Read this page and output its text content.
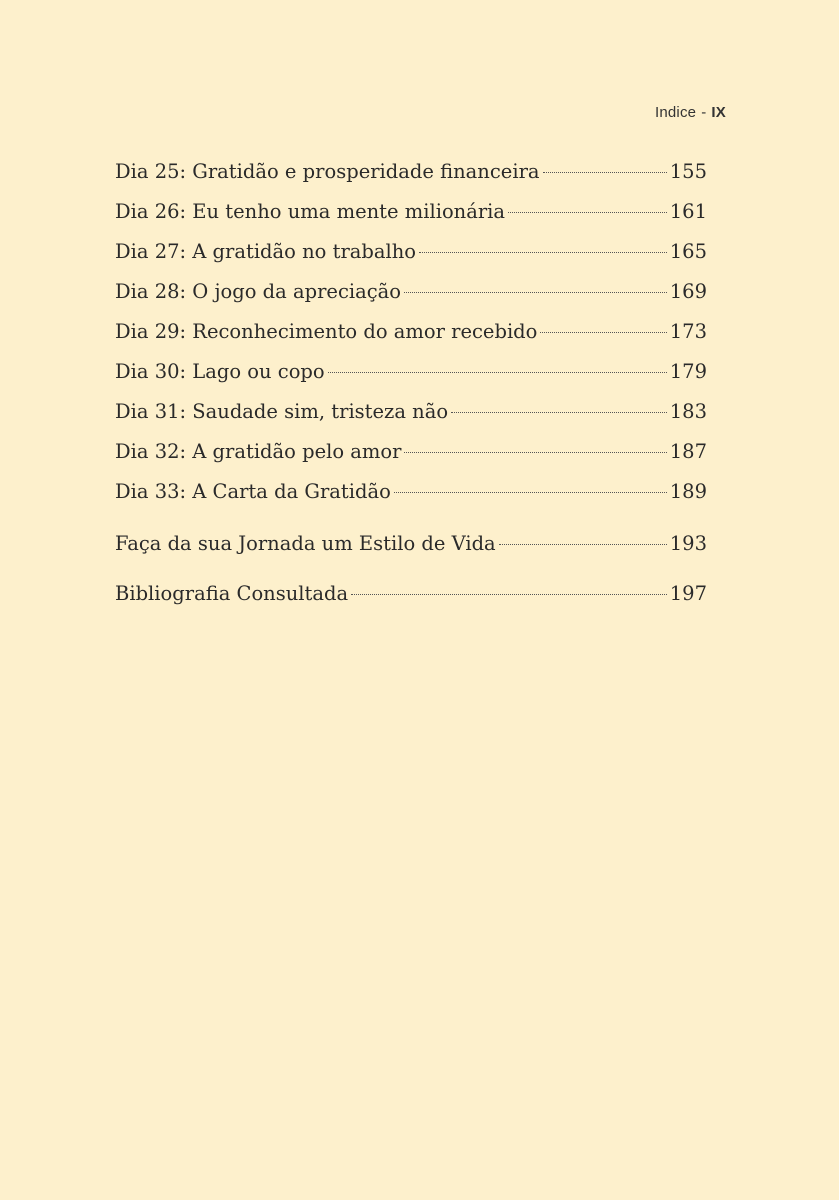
Indice - IX
Dia 25: Gratidão e prosperidade financeira	155
Dia 26: Eu tenho uma mente milionária	161
Dia 27: A gratidão no trabalho	165
Dia 28: O jogo da apreciação	169
Dia 29: Reconhecimento do amor recebido	173
Dia 30: Lago ou copo	179
Dia 31: Saudade sim, tristeza não	183
Dia 32: A gratidão pelo amor	187
Dia 33: A Carta da Gratidão	189
Faça da sua Jornada um Estilo de Vida	193
Bibliografia Consultada	197
